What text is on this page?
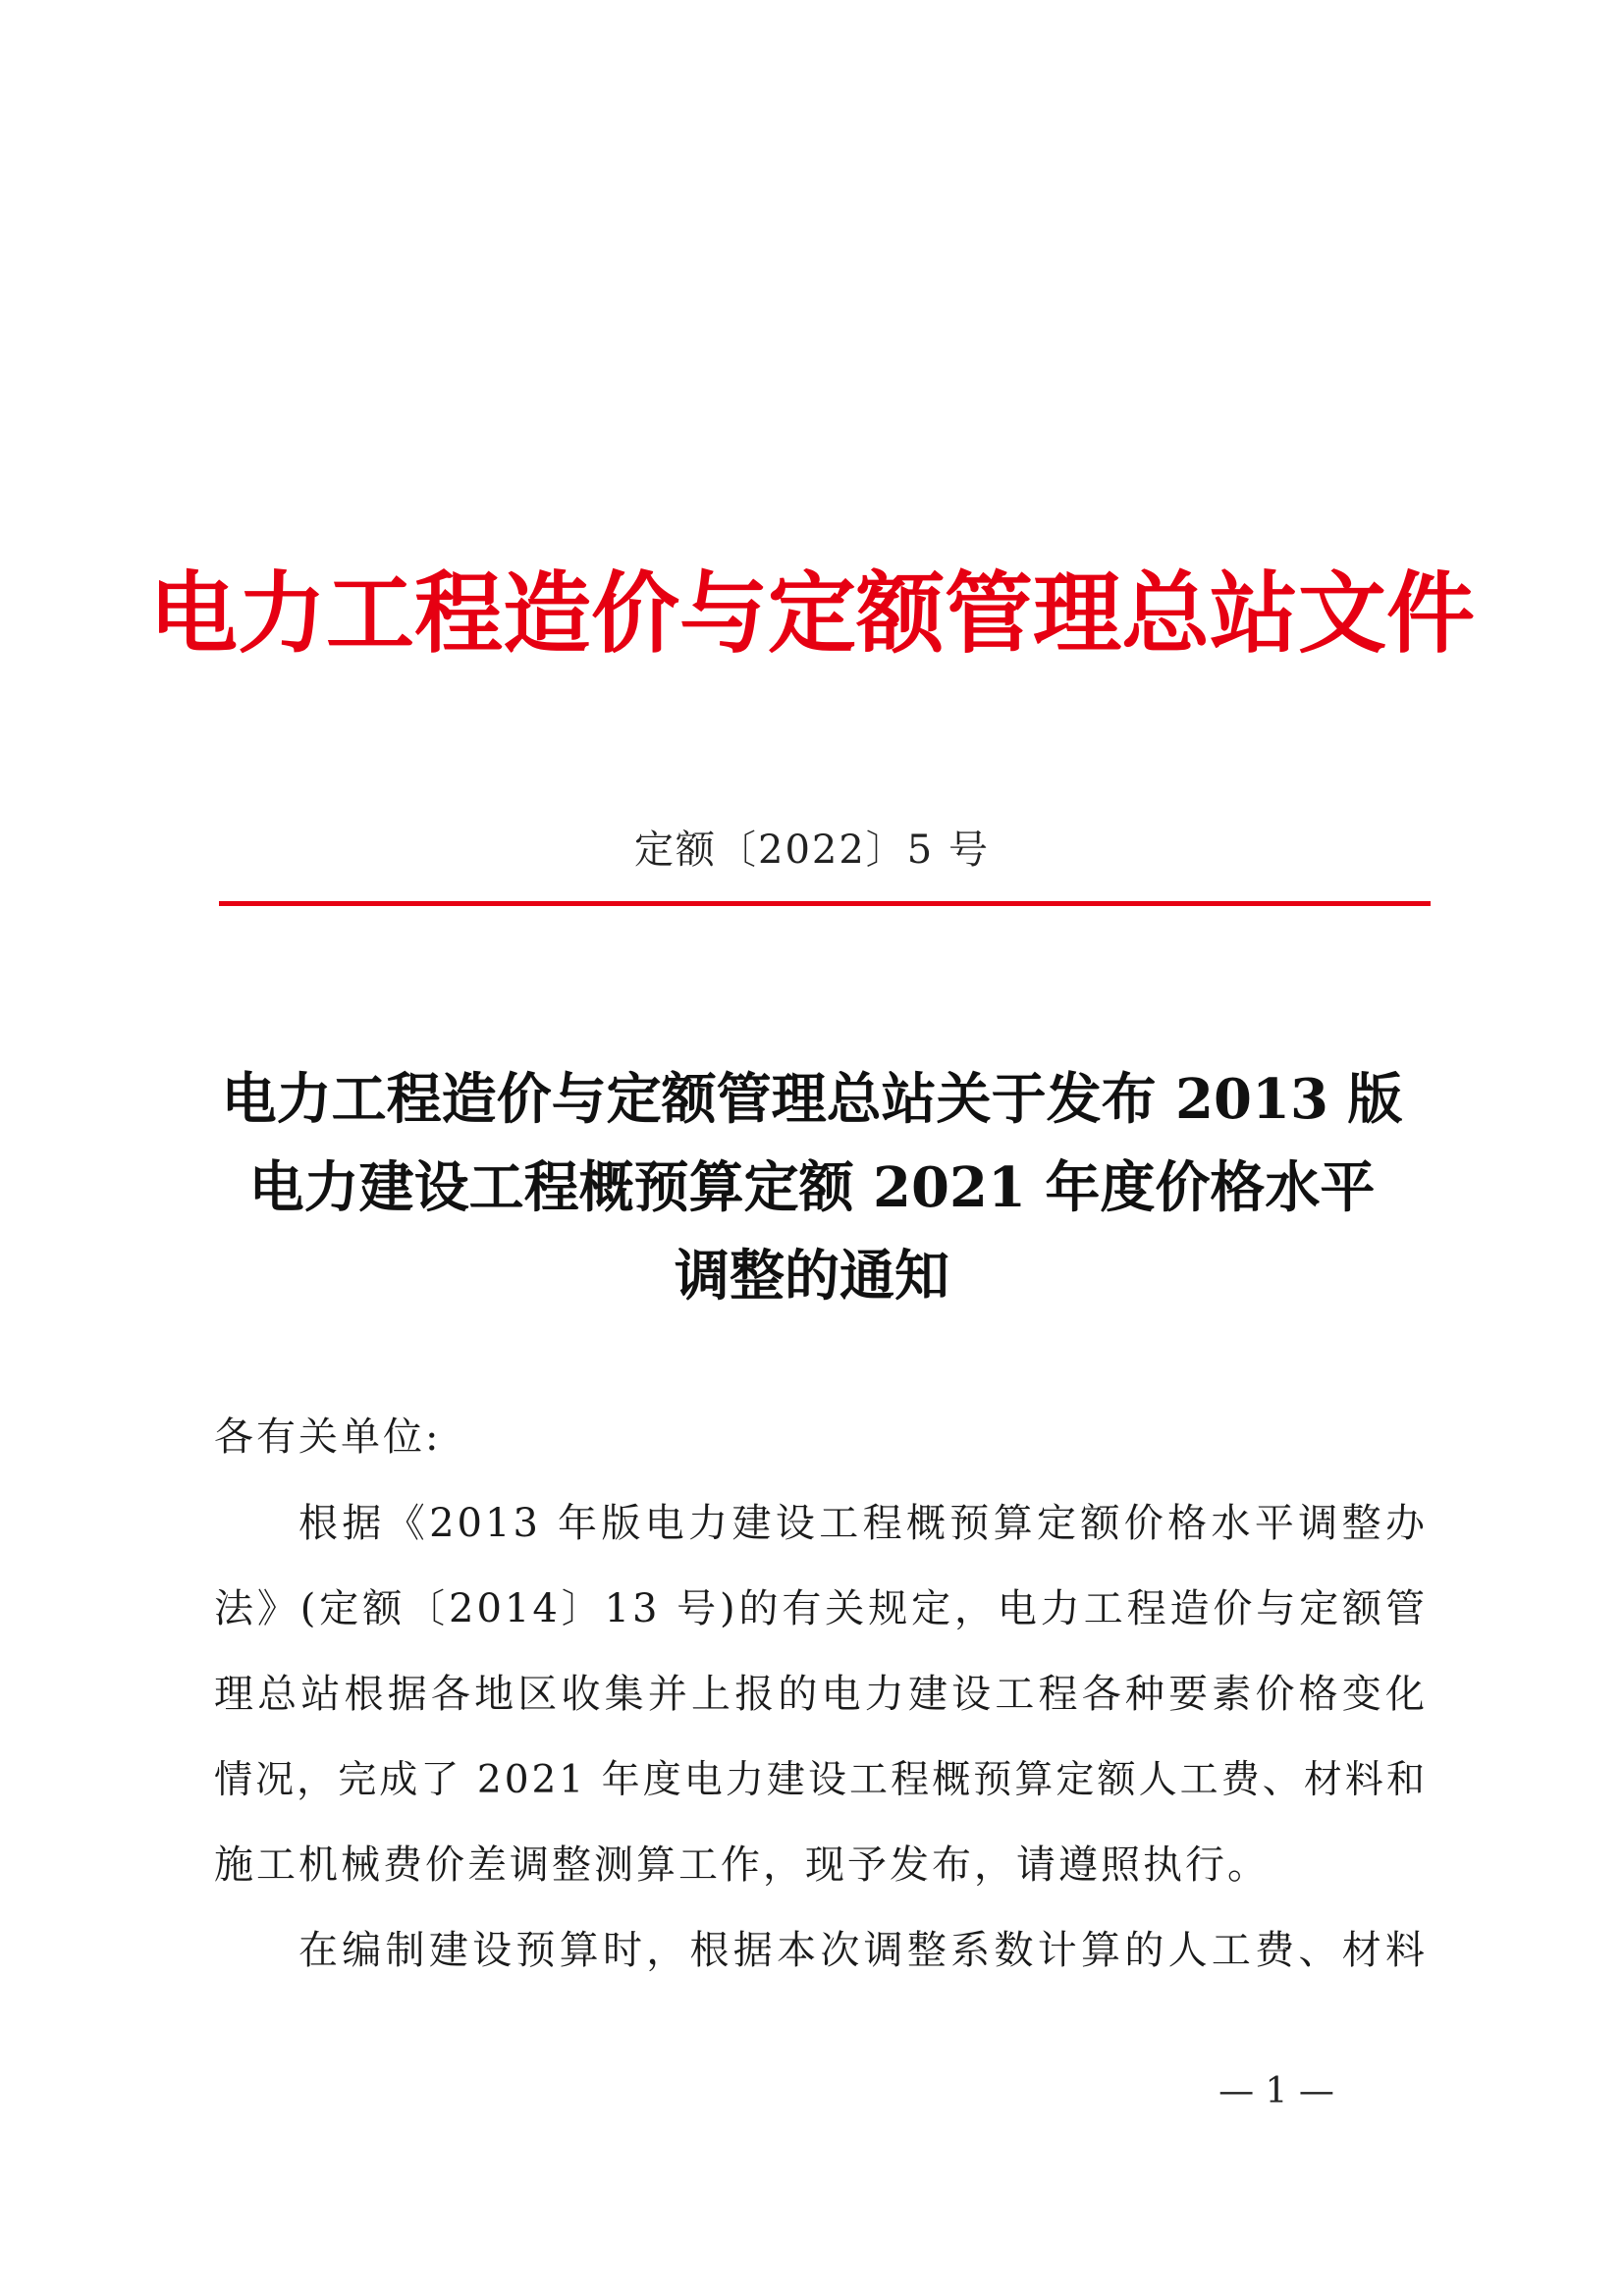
电力工程造价与定额管理总站文件
定额〔2022〕5 号
电力工程造价与定额管理总站关于发布 2013 版
电力建设工程概预算定额 2021 年度价格水平
调整的通知
各有关单位:
根据《2013 年版电力建设工程概预算定额价格水平调整办
法》(定额〔2014〕13 号)的有关规定，电力工程造价与定额管
理总站根据各地区收集并上报的电力建设工程各种要素价格变化
情况，完成了 2021 年度电力建设工程概预算定额人工费、材料和
施工机械费价差调整测算工作，现予发布，请遵照执行。
在编制建设预算时，根据本次调整系数计算的人工费、材料
— 1 —
